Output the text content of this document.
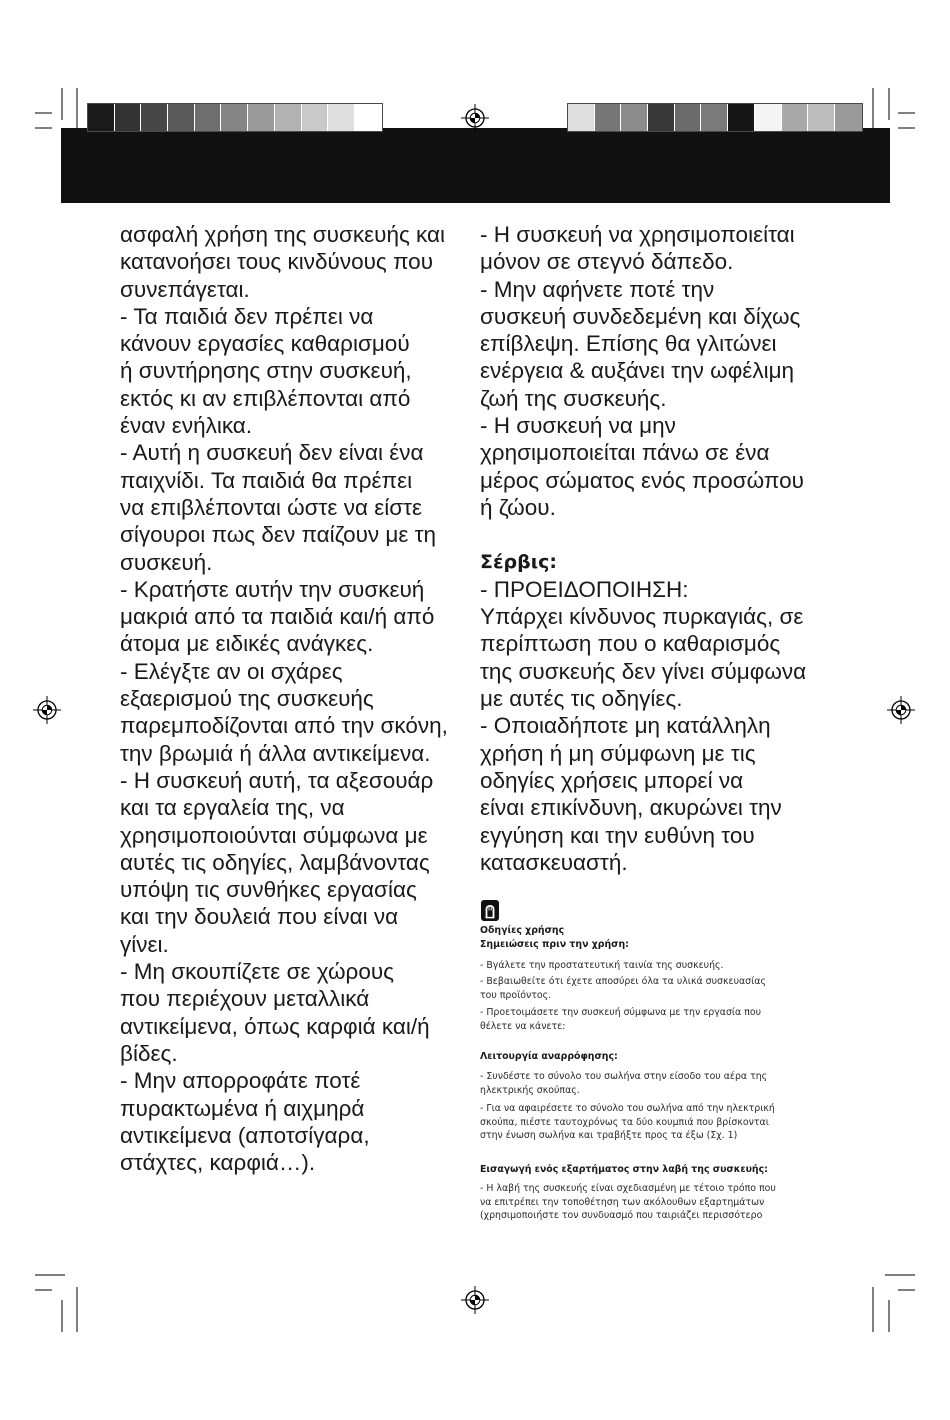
ασφαλή χρήση της συσκευής και
κατανοήσει τους κινδύνους που
συνεπάγεται.
- Τα παιδιά δεν πρέπει να
κάνουν εργασίες καθαρισμού
ή συντήρησης στην συσκευή,
εκτός κι αν επιβλέπονται από
έναν ενήλικα.
- Αυτή η συσκευή δεν είναι ένα
παιχνίδι. Τα παιδιά θα πρέπει
να επιβλέπονται ώστε να είστε
σίγουροι πως δεν παίζουν με τη
συσκευή.
- Κρατήστε αυτήν την συσκευή
μακριά από τα παιδιά και/ή από
άτομα με ειδικές ανάγκες.
- Ελέγξτε αν οι σχάρες
εξαερισμού της συσκευής
παρεμποδίζονται από την σκόνη,
την βρωμιά ή άλλα αντικείμενα.
- Η συσκευή αυτή, τα αξεσουάρ
και τα εργαλεία της, να
χρησιμοποιούνται σύμφωνα με
αυτές τις οδηγίες, λαμβάνοντας
υπόψη τις συνθήκες εργασίας
και την δουλειά που είναι να
γίνει.
- Μη σκουπίζετε σε χώρους
που περιέχουν μεταλλικά
αντικείμενα, όπως καρφιά και/ή
βίδες.
- Μην απορροφάτε ποτέ
πυρακτωμένα ή αιχμηρά
αντικείμενα (αποτσίγαρα,
στάχτες, καρφιά…).
- Η συσκευή να χρησιμοποιείται
μόνον σε στεγνό δάπεδο.
- Μην αφήνετε ποτέ την
συσκευή συνδεδεμένη και δίχως
επίβλεψη. Επίσης θα γλιτώνει
ενέργεια & αυξάνει την ωφέλιμη
ζωή της συσκευής.
- Η συσκευή να μην
χρησιμοποιείται πάνω σε ένα
μέρος σώματος ενός προσώπου
ή ζώου.
Σέρβις:
- ΠΡΟΕΙΔΟΠΟΙΗΣΗ:
Υπάρχει κίνδυνος πυρκαγιάς, σε
περίπτωση που ο καθαρισμός
της συσκευής δεν γίνει σύμφωνα
με αυτές τις οδηγίες.
- Οποιαδήποτε μη κατάλληλη
χρήση ή μη σύμφωνη με τις
οδηγίες χρήσεις μπορεί να
είναι επικίνδυνη, ακυρώνει την
εγγύηση και την ευθύνη του
κατασκευαστή.
Οδηγίες χρήσης
Σημειώσεις πριν την χρήση:
- Βγάλετε την προστατευτική ταινία της συσκευής.
- Βεβαιωθείτε ότι έχετε αποσύρει όλα τα υλικά συσκευασίας
του προϊόντος.
- Προετοιμάσετε την συσκευή σύμφωνα με την εργασία που
θέλετε να κάνετε:
Λειτουργία αναρρόφησης:
- Συνδέστε το σύνολο του σωλήνα στην είσοδο του αέρα της
ηλεκτρικής σκούπας.
- Για να αφαιρέσετε το σύνολο του σωλήνα από την ηλεκτρική
σκούπα, πιέστε ταυτοχρόνως τα δύο κουμπιά που βρίσκονται
στην ένωση σωλήνα και τραβήξτε προς τα έξω (Σχ. 1)
Εισαγωγή ενός εξαρτήματος στην λαβή της συσκευής:
- Η λαβή της συσκευής είναι σχεδιασμένη με τέτοιο τρόπο που
να επιτρέπει την τοποθέτηση των ακόλουθων εξαρτημάτων
(χρησιμοποιήστε τον συνδυασμό που ταιριάζει περισσότερο
